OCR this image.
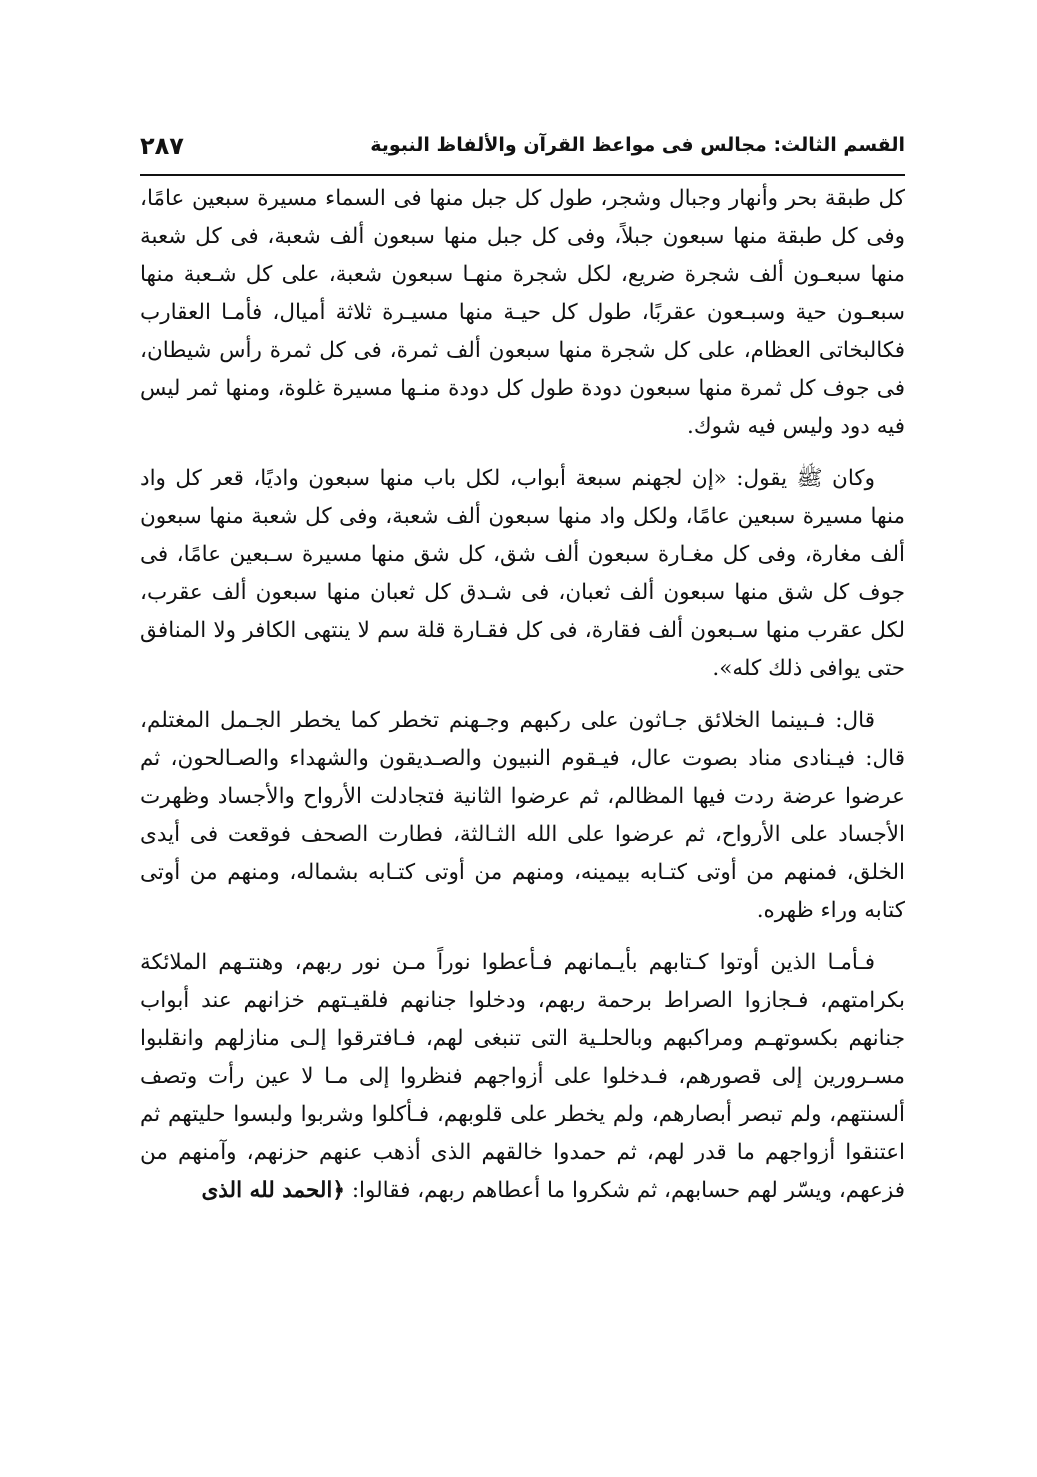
القسم الثالث: مجالس فى مواعظ القرآن والألفاظ النبوية
٢٨٧

كل طبقة بحر وأنهار وجبال وشجر، طول كل جبل منها فى السماء مسيرة سبعين عامًا، وفى كل طبقة منها سبعون جبلاً، وفى كل جبل منها سبعون ألف شعبة، فى كل شعبة منها سبعـون ألف شجرة ضريع، لكل شجرة منهـا سبعون شعبة، على كل شـعبة منها سبعـون حية وسبـعون عقربًا، طول كل حيـة منها مسيـرة ثلاثة أميال، فأمـا العقارب فكالبخاتى العظام، على كل شجرة منها سبعون ألف ثمرة، فى كل ثمرة رأس شيطان، فى جوف كل ثمرة منها سبعون دودة طول كل دودة منـها مسيرة غلوة، ومنها ثمر ليس فيه دود وليس فيه شوك.

وكان ﷺ يقول: «إن لجهنم سبعة أبواب، لكل باب منها سبعون واديًا، قعر كل واد منها مسيرة سبعين عامًا، ولكل واد منها سبعون ألف شعبة، وفى كل شعبة منها سبعون ألف مغارة، وفى كل مغـارة سبعون ألف شق، كل شق منها مسيرة سـبعين عامًا، فى جوف كل شق منها سبعون ألف ثعبان، فى شـدق كل ثعبان منها سبعون ألف عقرب، لكل عقرب منها سـبعون ألف فقارة، فى كل فقـارة قلة سم لا ينتهى الكافر ولا المنافق حتى يوافى ذلك كله».

قال: فـبينما الخلائق جـاثون على ركبهم وجـهنم تخطر كما يخطر الجـمل المغتلم، قال: فيـنادى مناد بصوت عال، فيـقوم النبيون والصـديقون والشهداء والصـالحون، ثم عرضوا عرضة ردت فيها المظالم، ثم عرضوا الثانية فتجادلت الأرواح والأجساد وظهرت الأجساد على الأرواح، ثم عرضوا على الله الثـالثة، فطارت الصحف فوقعت فى أيدى الخلق، فمنهم من أوتى كتـابه بيمينه، ومنهم من أوتى كتـابه بشماله، ومنهم من أوتى كتابه وراء ظهره.

فـأمـا الذين أوتوا كـتابهم بأيـمانهم فـأعطوا نوراً مـن نور ربهم، وهنتـهم الملائكة بكرامتهم، فـجازوا الصراط برحمة ربهم، ودخلوا جنانهم فلقيـتهم خزانهم عند أبواب جنانهم بكسوتهـم ومراكبهم وبالحلـية التى تنبغى لهم، فـافترقوا إلـى منازلهم وانقلبوا مسـرورين إلى قصورهم، فـدخلوا على أزواجهم فنظروا إلى مـا لا عين رأت وتصف ألسنتهم، ولم تبصر أبصارهم، ولم يخطر على قلوبهم، فـأكلوا وشربوا ولبسوا حليتهم ثم اعتنقوا أزواجهم ما قدر لهم، ثم حمدوا خالقهم الذى أذهب عنهم حزنهم، وآمنهم من فزعهم، ويسّر لهم حسابهم، ثم شكروا ما أعطاهم ربهم، فقالوا: ﴿الحمد لله الذى
